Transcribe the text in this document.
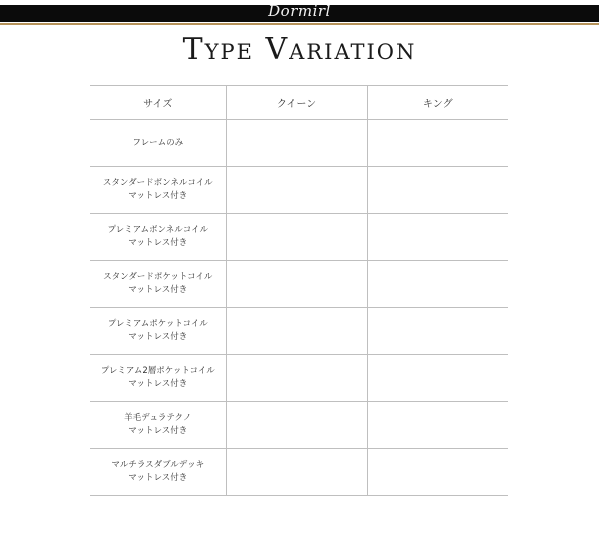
Dormirl
Type Variation
サイズ	クイーン	キング
フレームのみ		

スタンダードボンネルコイル
マットレス付き		

プレミアムボンネルコイル
マットレス付き		

スタンダードポケットコイル
マットレス付き		

プレミアムポケットコイル
マットレス付き		

プレミアム2層ポケットコイル
マットレス付き		

羊毛デュラテクノ
マットレス付き		

マルチラスダブルデッキ
マットレス付き		
